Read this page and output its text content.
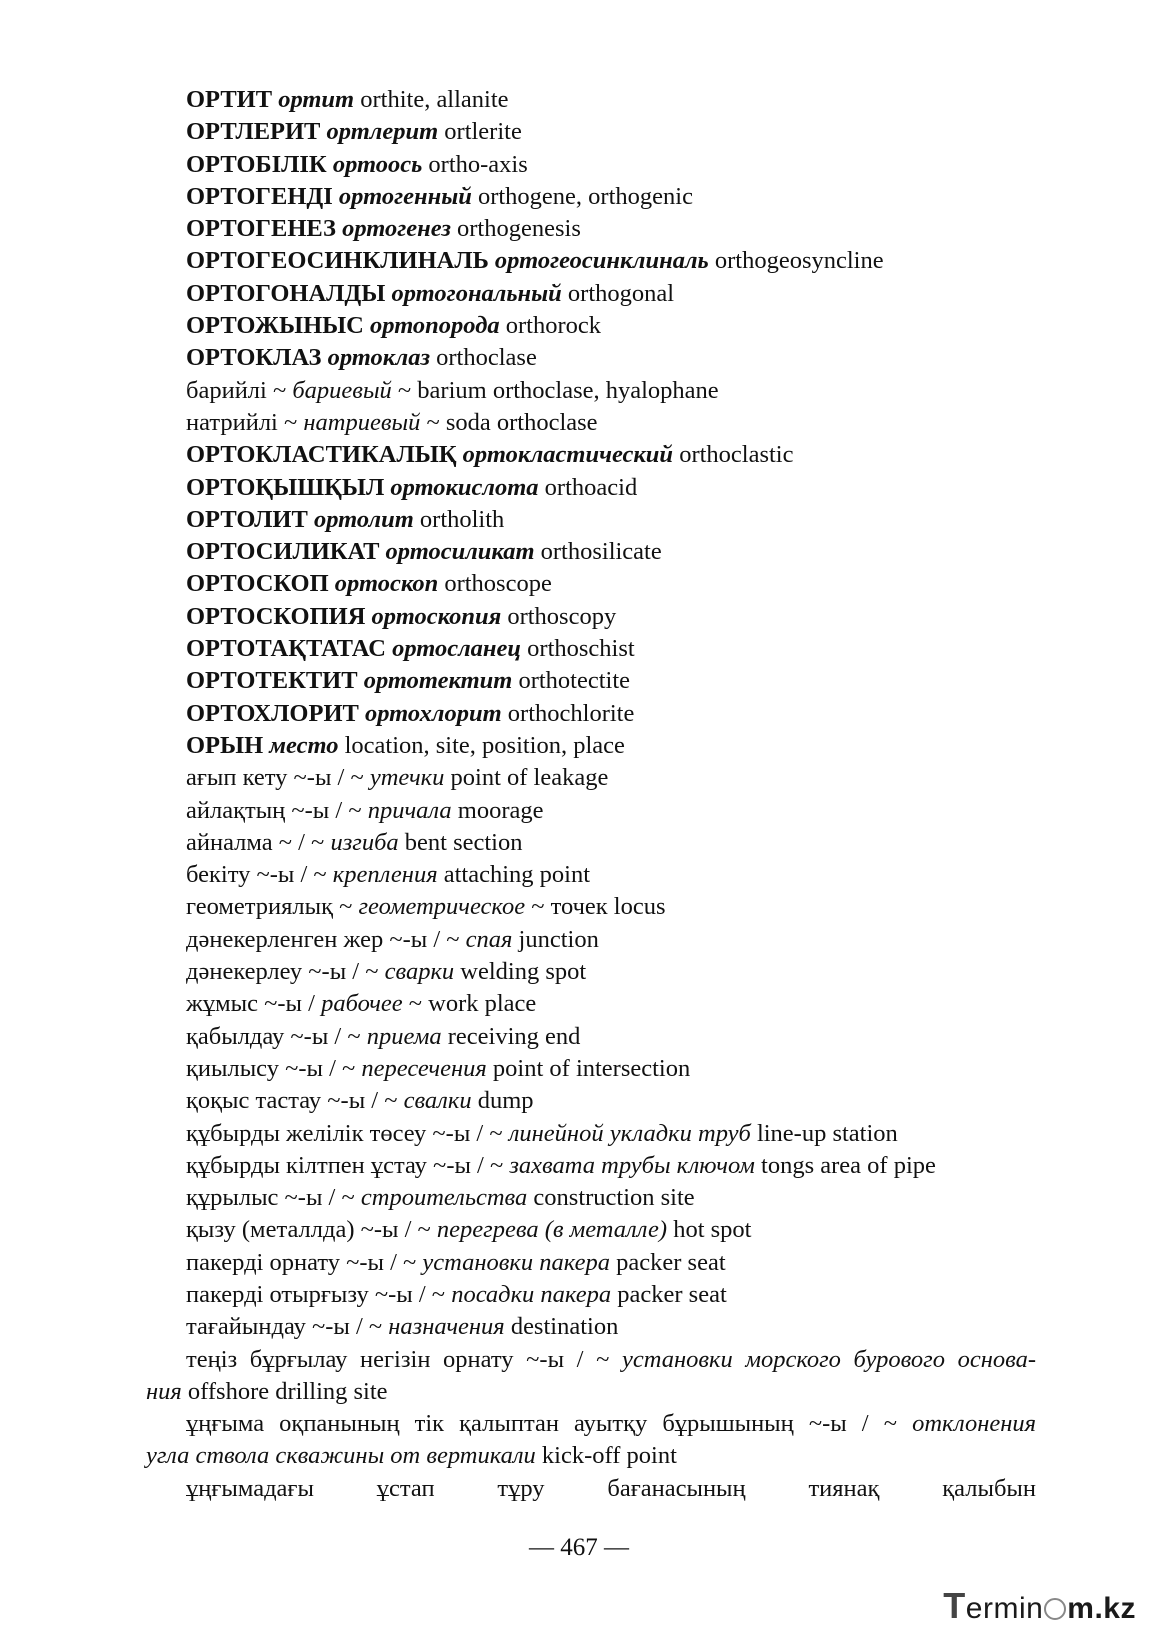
ОРТИТ ортит orthite, allanite
ОРТЛЕРИТ ортлерит ortlerite
ОРТОБІЛІК ортоось ortho-axis
ОРТОГЕНДІ ортогенный orthogene, orthogenic
ОРТОГЕНЕЗ ортогенез orthogenesis
ОРТОГЕОСИНКЛИНАЛЬ ортогеосинклиналь orthogeosyncline
ОРТОГОНАЛДЫ ортогональный orthogonal
ОРТОЖЫНЫС ортопорода orthorock
ОРТОКЛАЗ ортоклаз orthoclase
барийлі ~ бариевый ~ barium orthoclase, hyalophane
натрийлі ~ натриевый ~ soda orthoclase
ОРТОКЛАСТИКАЛЫҚ ортокластический orthoclastic
ОРТОҚЫШҚЫЛ ортокислота orthoacid
ОРТОЛИТ ортолит ortholith
ОРТОСИЛИКАТ ортосиликат orthosilicate
ОРТОСКОП ортоскоп orthoscope
ОРТОСКОПИЯ ортоскопия orthoscopy
ОРТОТАҚТАТАС ортосланец orthoschist
ОРТОТЕКТИТ ортотектит orthotectite
ОРТОХЛОРИТ ортохлорит orthochlorite
ОРЫН место location, site, position, place
ағып кету ~-ы / ~ утечки point of leakage
айлақтың ~-ы / ~ причала moorage
айналма ~ / ~ изгиба bent section
бекіту ~-ы / ~ крепления attaching point
геометриялық ~ геометрическое ~ точек locus
дәнекерленген жер ~-ы / ~ спая junction
дәнекерлеу ~-ы / ~ сварки welding spot
жұмыс ~-ы / рабочее ~ work place
қабылдау ~-ы / ~ приема receiving end
қиылысу ~-ы / ~ пересечения point of intersection
қоқыс тастау ~-ы / ~ свалки dump
құбырды желілік төсеу ~-ы / ~ линейной укладки труб line-up station
құбырды кілтпен ұстау ~-ы / ~ захвата трубы ключом tongs area of pipe
құрылыс ~-ы / ~ строительства construction site
қызу (металлда) ~-ы / ~ перегрева (в металле) hot spot
пакерді орнату ~-ы / ~ установки пакера packer seat
пакерді отырғызу ~-ы / ~ посадки пакера packer seat
тағайындау ~-ы / ~ назначения destination
теңіз бұрғылау негізін орнату ~-ы / ~ установки морского бурового основа-
ния offshore drilling site
ұңғыма оқпанының тік қалыптан ауытқу бұрышының ~-ы / ~ отклонения
угла ствола скважины от вертикали kick-off point
ұңғымадағы ұстап тұру бағанасының тиянақ қалыбын
— 467 —
Termin m.kz
